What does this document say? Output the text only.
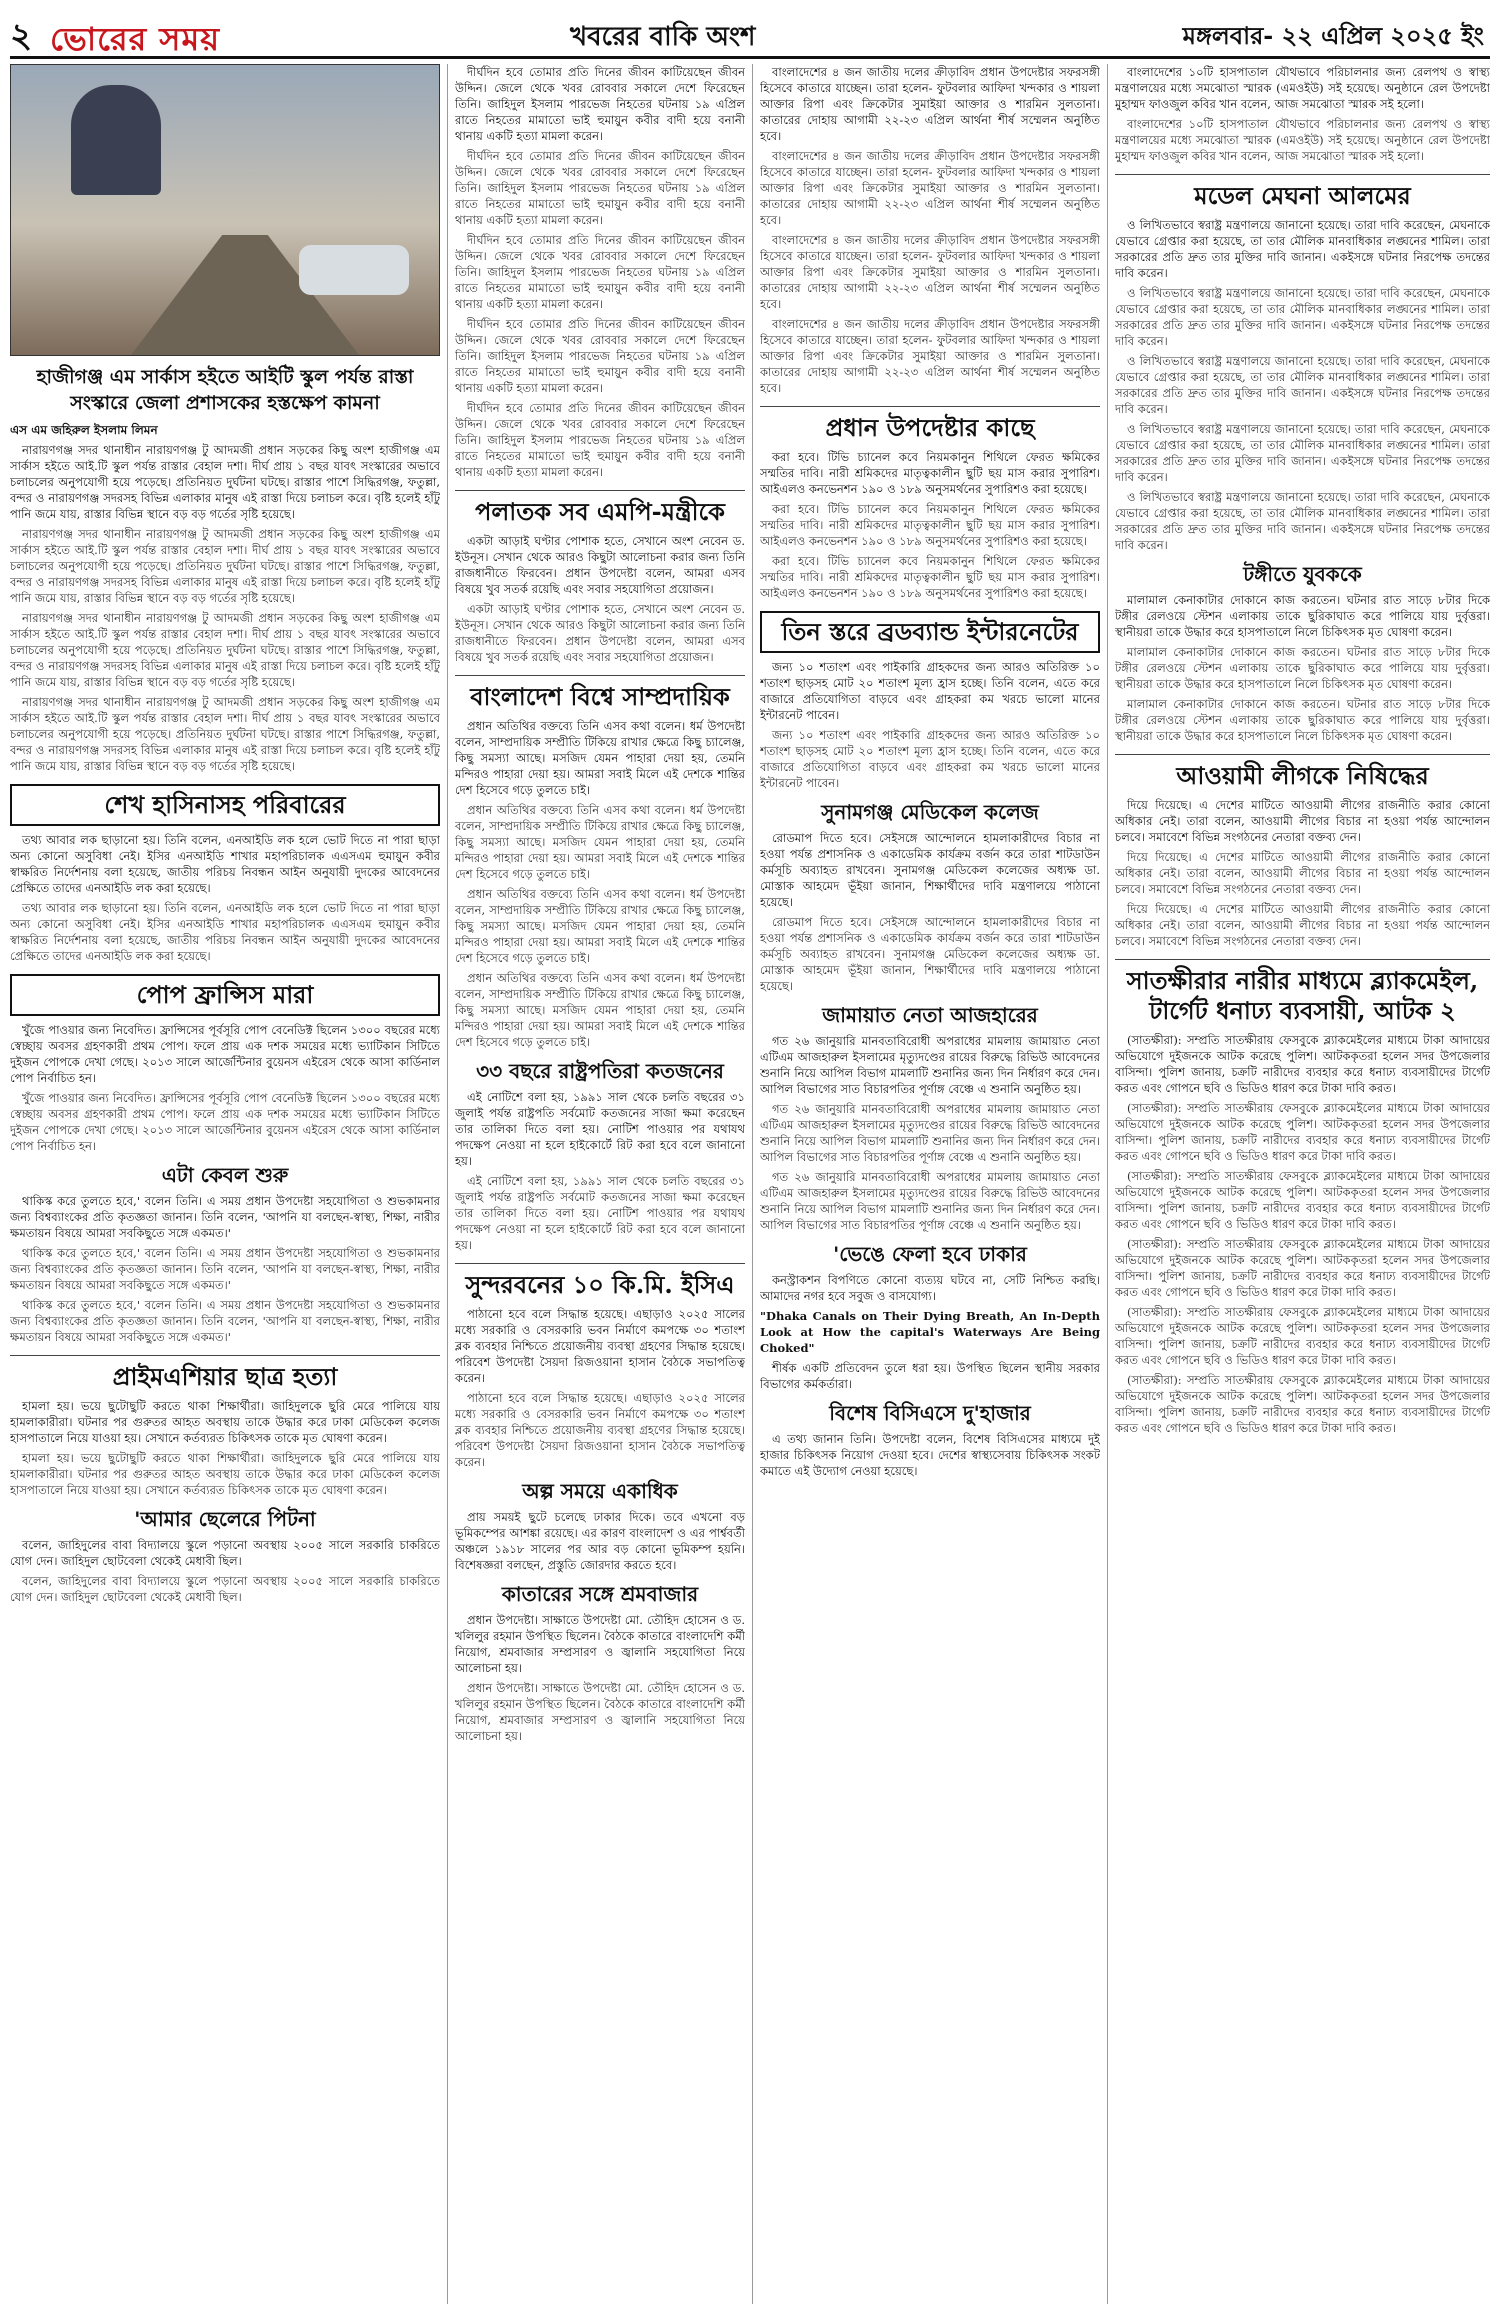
২ ভোরের সময়	খবরের বাকি অংশ	মঙ্গলবার- ২২ এপ্রিল ২০২৫ ইং
হাজীগঞ্জ এম সার্কাস হইতে আইটি স্কুল পর্যন্ত রাস্তা সংস্কারে জেলা প্রশাসকের হস্তক্ষেপ কামনা
এস এম জহিরুল ইসলাম লিমন

নারায়ণগঞ্জ সদর থানাধীন নারায়ণগঞ্জ টু আদমজী প্রধান সড়কের কিছু অংশ হাজীগঞ্জ এম সার্কাস হইতে আই.টি স্কুল পর্যন্ত রাস্তার বেহাল দশা। দীর্ঘ প্রায় ১ বছর যাবৎ সংস্কারের অভাবে চলাচলের অনুপযোগী হয়ে পড়েছে। প্রতিনিয়ত দুর্ঘটনা ঘটছে। রাস্তার পাশে সিদ্ধিরগঞ্জ, ফতুল্লা, বন্দর ও নারায়ণগঞ্জ সদরসহ বিভিন্ন এলাকার মানুষ এই রাস্তা দিয়ে চলাচল করে। বৃষ্টি হলেই হাঁটু পানি জমে যায়, রাস্তার বিভিন্ন স্থানে বড় বড় গর্তের সৃষ্টি হয়েছে।

নারায়ণগঞ্জ সদর থানাধীন নারায়ণগঞ্জ টু আদমজী প্রধান সড়কের কিছু অংশ হাজীগঞ্জ এম সার্কাস হইতে আই.টি স্কুল পর্যন্ত রাস্তার বেহাল দশা। দীর্ঘ প্রায় ১ বছর যাবৎ সংস্কারের অভাবে চলাচলের অনুপযোগী হয়ে পড়েছে। প্রতিনিয়ত দুর্ঘটনা ঘটছে। রাস্তার পাশে সিদ্ধিরগঞ্জ, ফতুল্লা, বন্দর ও নারায়ণগঞ্জ সদরসহ বিভিন্ন এলাকার মানুষ এই রাস্তা দিয়ে চলাচল করে। বৃষ্টি হলেই হাঁটু পানি জমে যায়, রাস্তার বিভিন্ন স্থানে বড় বড় গর্তের সৃষ্টি হয়েছে।

নারায়ণগঞ্জ সদর থানাধীন নারায়ণগঞ্জ টু আদমজী প্রধান সড়কের কিছু অংশ হাজীগঞ্জ এম সার্কাস হইতে আই.টি স্কুল পর্যন্ত রাস্তার বেহাল দশা। দীর্ঘ প্রায় ১ বছর যাবৎ সংস্কারের অভাবে চলাচলের অনুপযোগী হয়ে পড়েছে। প্রতিনিয়ত দুর্ঘটনা ঘটছে। রাস্তার পাশে সিদ্ধিরগঞ্জ, ফতুল্লা, বন্দর ও নারায়ণগঞ্জ সদরসহ বিভিন্ন এলাকার মানুষ এই রাস্তা দিয়ে চলাচল করে। বৃষ্টি হলেই হাঁটু পানি জমে যায়, রাস্তার বিভিন্ন স্থানে বড় বড় গর্তের সৃষ্টি হয়েছে।

নারায়ণগঞ্জ সদর থানাধীন নারায়ণগঞ্জ টু আদমজী প্রধান সড়কের কিছু অংশ হাজীগঞ্জ এম সার্কাস হইতে আই.টি স্কুল পর্যন্ত রাস্তার বেহাল দশা। দীর্ঘ প্রায় ১ বছর যাবৎ সংস্কারের অভাবে চলাচলের অনুপযোগী হয়ে পড়েছে। প্রতিনিয়ত দুর্ঘটনা ঘটছে। রাস্তার পাশে সিদ্ধিরগঞ্জ, ফতুল্লা, বন্দর ও নারায়ণগঞ্জ সদরসহ বিভিন্ন এলাকার মানুষ এই রাস্তা দিয়ে চলাচল করে। বৃষ্টি হলেই হাঁটু পানি জমে যায়, রাস্তার বিভিন্ন স্থানে বড় বড় গর্তের সৃষ্টি হয়েছে।

শেখ হাসিনাসহ পরিবারের

তথ্য আবার লক ছাড়ানো হয়। তিনি বলেন, এনআইডি লক হলে ভোট দিতে না পারা ছাড়া অন্য কোনো অসুবিধা নেই। ইসির এনআইডি শাখার মহাপরিচালক এএসএম হুমায়ুন কবীর স্বাক্ষরিত নির্দেশনায় বলা হয়েছে, জাতীয় পরিচয় নিবন্ধন আইন অনুযায়ী দুদকের আবেদনের প্রেক্ষিতে তাদের এনআইডি লক করা হয়েছে।

তথ্য আবার লক ছাড়ানো হয়। তিনি বলেন, এনআইডি লক হলে ভোট দিতে না পারা ছাড়া অন্য কোনো অসুবিধা নেই। ইসির এনআইডি শাখার মহাপরিচালক এএসএম হুমায়ুন কবীর স্বাক্ষরিত নির্দেশনায় বলা হয়েছে, জাতীয় পরিচয় নিবন্ধন আইন অনুযায়ী দুদকের আবেদনের প্রেক্ষিতে তাদের এনআইডি লক করা হয়েছে।

পোপ ফ্রান্সিস মারা

খুঁজে পাওয়ার জন্য নিবেদিত। ফ্রান্সিসের পূর্বসূরি পোপ বেনেডিক্ট ছিলেন ১৩০০ বছরের মধ্যে স্বেচ্ছায় অবসর গ্রহণকারী প্রথম পোপ। ফলে প্রায় এক দশক সময়ের মধ্যে ভ্যাটিকান সিটিতে দুইজন পোপকে দেখা গেছে। ২০১৩ সালে আর্জেন্টিনার বুয়েনস এইরেস থেকে আসা কার্ডিনাল পোপ নির্বাচিত হন।

খুঁজে পাওয়ার জন্য নিবেদিত। ফ্রান্সিসের পূর্বসূরি পোপ বেনেডিক্ট ছিলেন ১৩০০ বছরের মধ্যে স্বেচ্ছায় অবসর গ্রহণকারী প্রথম পোপ। ফলে প্রায় এক দশক সময়ের মধ্যে ভ্যাটিকান সিটিতে দুইজন পোপকে দেখা গেছে। ২০১৩ সালে আর্জেন্টিনার বুয়েনস এইরেস থেকে আসা কার্ডিনাল পোপ নির্বাচিত হন।

এটা কেবল শুরু

থাকিস্ক করে তুলতে হবে,' বলেন তিনি। এ সময় প্রধান উপদেষ্টা সহযোগিতা ও শুভকামনার জন্য বিশ্বব্যাংকের প্রতি কৃতজ্ঞতা জানান। তিনি বলেন, 'আপনি যা বলছেন-স্বাস্থ্য, শিক্ষা, নারীর ক্ষমতায়ন বিষয়ে আমরা সবকিছুতে সঙ্গে একমত।'

থাকিস্ক করে তুলতে হবে,' বলেন তিনি। এ সময় প্রধান উপদেষ্টা সহযোগিতা ও শুভকামনার জন্য বিশ্বব্যাংকের প্রতি কৃতজ্ঞতা জানান। তিনি বলেন, 'আপনি যা বলছেন-স্বাস্থ্য, শিক্ষা, নারীর ক্ষমতায়ন বিষয়ে আমরা সবকিছুতে সঙ্গে একমত।'

থাকিস্ক করে তুলতে হবে,' বলেন তিনি। এ সময় প্রধান উপদেষ্টা সহযোগিতা ও শুভকামনার জন্য বিশ্বব্যাংকের প্রতি কৃতজ্ঞতা জানান। তিনি বলেন, 'আপনি যা বলছেন-স্বাস্থ্য, শিক্ষা, নারীর ক্ষমতায়ন বিষয়ে আমরা সবকিছুতে সঙ্গে একমত।'

প্রাইমএশিয়ার ছাত্র হত্যা

হামলা হয়। ভয়ে ছুটোছুটি করতে থাকা শিক্ষার্থীরা। জাহিদুলকে ছুরি মেরে পালিয়ে যায় হামলাকারীরা। ঘটনার পর গুরুতর আহত অবস্থায় তাকে উদ্ধার করে ঢাকা মেডিকেল কলেজ হাসপাতালে নিয়ে যাওয়া হয়। সেখানে কর্তব্যরত চিকিৎসক তাকে মৃত ঘোষণা করেন।

হামলা হয়। ভয়ে ছুটোছুটি করতে থাকা শিক্ষার্থীরা। জাহিদুলকে ছুরি মেরে পালিয়ে যায় হামলাকারীরা। ঘটনার পর গুরুতর আহত অবস্থায় তাকে উদ্ধার করে ঢাকা মেডিকেল কলেজ হাসপাতালে নিয়ে যাওয়া হয়। সেখানে কর্তব্যরত চিকিৎসক তাকে মৃত ঘোষণা করেন।

'আমার ছেলেরে পিটনা

বলেন, জাহিদুলের বাবা বিদ্যালয়ে স্কুলে পড়ানো অবস্থায় ২০০৫ সালে সরকারি চাকরিতে যোগ দেন। জাহিদুল ছোটবেলা থেকেই মেধাবী ছিল।

বলেন, জাহিদুলের বাবা বিদ্যালয়ে স্কুলে পড়ানো অবস্থায় ২০০৫ সালে সরকারি চাকরিতে যোগ দেন। জাহিদুল ছোটবেলা থেকেই মেধাবী ছিল।

দীর্ঘদিন হবে তোমার প্রতি দিনের জীবন কাটিয়েছেন জীবন উদ্দিন। জেলে থেকে খবর রোববার সকালে দেশে ফিরেছেন তিনি। জাহিদুল ইসলাম পারভেজ নিহতের ঘটনায় ১৯ এপ্রিল রাতে নিহতের মামাতো ভাই হুমায়ুন কবীর বাদী হয়ে বনানী থানায় একটি হত্যা মামলা করেন।

দীর্ঘদিন হবে তোমার প্রতি দিনের জীবন কাটিয়েছেন জীবন উদ্দিন। জেলে থেকে খবর রোববার সকালে দেশে ফিরেছেন তিনি। জাহিদুল ইসলাম পারভেজ নিহতের ঘটনায় ১৯ এপ্রিল রাতে নিহতের মামাতো ভাই হুমায়ুন কবীর বাদী হয়ে বনানী থানায় একটি হত্যা মামলা করেন।

দীর্ঘদিন হবে তোমার প্রতি দিনের জীবন কাটিয়েছেন জীবন উদ্দিন। জেলে থেকে খবর রোববার সকালে দেশে ফিরেছেন তিনি। জাহিদুল ইসলাম পারভেজ নিহতের ঘটনায় ১৯ এপ্রিল রাতে নিহতের মামাতো ভাই হুমায়ুন কবীর বাদী হয়ে বনানী থানায় একটি হত্যা মামলা করেন।

দীর্ঘদিন হবে তোমার প্রতি দিনের জীবন কাটিয়েছেন জীবন উদ্দিন। জেলে থেকে খবর রোববার সকালে দেশে ফিরেছেন তিনি। জাহিদুল ইসলাম পারভেজ নিহতের ঘটনায় ১৯ এপ্রিল রাতে নিহতের মামাতো ভাই হুমায়ুন কবীর বাদী হয়ে বনানী থানায় একটি হত্যা মামলা করেন।

দীর্ঘদিন হবে তোমার প্রতি দিনের জীবন কাটিয়েছেন জীবন উদ্দিন। জেলে থেকে খবর রোববার সকালে দেশে ফিরেছেন তিনি। জাহিদুল ইসলাম পারভেজ নিহতের ঘটনায় ১৯ এপ্রিল রাতে নিহতের মামাতো ভাই হুমায়ুন কবীর বাদী হয়ে বনানী থানায় একটি হত্যা মামলা করেন।

পলাতক সব এমপি-মন্ত্রীকে

একটা আড়াই ঘণ্টার পোশাক হতে, সেখানে অংশ নেবেন ড. ইউনূস। সেখান থেকে আরও কিছুটা আলোচনা করার জন্য তিনি রাজধানীতে ফিরবেন। প্রধান উপদেষ্টা বলেন, আমরা এসব বিষয়ে খুব সতর্ক রয়েছি এবং সবার সহযোগিতা প্রয়োজন।

একটা আড়াই ঘণ্টার পোশাক হতে, সেখানে অংশ নেবেন ড. ইউনূস। সেখান থেকে আরও কিছুটা আলোচনা করার জন্য তিনি রাজধানীতে ফিরবেন। প্রধান উপদেষ্টা বলেন, আমরা এসব বিষয়ে খুব সতর্ক রয়েছি এবং সবার সহযোগিতা প্রয়োজন।

বাংলাদেশ বিশ্বে সাম্প্রদায়িক

প্রধান অতিথির বক্তব্যে তিনি এসব কথা বলেন। ধর্ম উপদেষ্টা বলেন, সাম্প্রদায়িক সম্প্রীতি টিকিয়ে রাখার ক্ষেত্রে কিছু চ্যালেঞ্জ, কিছু সমস্যা আছে। মসজিদ যেমন পাহারা দেয়া হয়, তেমনি মন্দিরও পাহারা দেয়া হয়। আমরা সবাই মিলে এই দেশকে শান্তির দেশ হিসেবে গড়ে তুলতে চাই।

প্রধান অতিথির বক্তব্যে তিনি এসব কথা বলেন। ধর্ম উপদেষ্টা বলেন, সাম্প্রদায়িক সম্প্রীতি টিকিয়ে রাখার ক্ষেত্রে কিছু চ্যালেঞ্জ, কিছু সমস্যা আছে। মসজিদ যেমন পাহারা দেয়া হয়, তেমনি মন্দিরও পাহারা দেয়া হয়। আমরা সবাই মিলে এই দেশকে শান্তির দেশ হিসেবে গড়ে তুলতে চাই।

প্রধান অতিথির বক্তব্যে তিনি এসব কথা বলেন। ধর্ম উপদেষ্টা বলেন, সাম্প্রদায়িক সম্প্রীতি টিকিয়ে রাখার ক্ষেত্রে কিছু চ্যালেঞ্জ, কিছু সমস্যা আছে। মসজিদ যেমন পাহারা দেয়া হয়, তেমনি মন্দিরও পাহারা দেয়া হয়। আমরা সবাই মিলে এই দেশকে শান্তির দেশ হিসেবে গড়ে তুলতে চাই।

প্রধান অতিথির বক্তব্যে তিনি এসব কথা বলেন। ধর্ম উপদেষ্টা বলেন, সাম্প্রদায়িক সম্প্রীতি টিকিয়ে রাখার ক্ষেত্রে কিছু চ্যালেঞ্জ, কিছু সমস্যা আছে। মসজিদ যেমন পাহারা দেয়া হয়, তেমনি মন্দিরও পাহারা দেয়া হয়। আমরা সবাই মিলে এই দেশকে শান্তির দেশ হিসেবে গড়ে তুলতে চাই।

৩৩ বছরে রাষ্ট্রপতিরা কতজনের

এই নোটিশে বলা হয়, ১৯৯১ সাল থেকে চলতি বছরের ৩১ জুলাই পর্যন্ত রাষ্ট্রপতি সর্বমোট কতজনের সাজা ক্ষমা করেছেন তার তালিকা দিতে বলা হয়। নোটিশ পাওয়ার পর যথাযথ পদক্ষেপ নেওয়া না হলে হাইকোর্টে রিট করা হবে বলে জানানো হয়।

এই নোটিশে বলা হয়, ১৯৯১ সাল থেকে চলতি বছরের ৩১ জুলাই পর্যন্ত রাষ্ট্রপতি সর্বমোট কতজনের সাজা ক্ষমা করেছেন তার তালিকা দিতে বলা হয়। নোটিশ পাওয়ার পর যথাযথ পদক্ষেপ নেওয়া না হলে হাইকোর্টে রিট করা হবে বলে জানানো হয়।

সুন্দরবনের ১০ কি.মি. ইসিএ

পাঠানো হবে বলে সিদ্ধান্ত হয়েছে। এছাড়াও ২০২৫ সালের মধ্যে সরকারি ও বেসরকারি ভবন নির্মাণে কমপক্ষে ৩০ শতাংশ ব্লক ব্যবহার নিশ্চিতে প্রয়োজনীয় ব্যবস্থা গ্রহণের সিদ্ধান্ত হয়েছে। পরিবেশ উপদেষ্টা সৈয়দা রিজওয়ানা হাসান বৈঠকে সভাপতিত্ব করেন।

পাঠানো হবে বলে সিদ্ধান্ত হয়েছে। এছাড়াও ২০২৫ সালের মধ্যে সরকারি ও বেসরকারি ভবন নির্মাণে কমপক্ষে ৩০ শতাংশ ব্লক ব্যবহার নিশ্চিতে প্রয়োজনীয় ব্যবস্থা গ্রহণের সিদ্ধান্ত হয়েছে। পরিবেশ উপদেষ্টা সৈয়দা রিজওয়ানা হাসান বৈঠকে সভাপতিত্ব করেন।

অল্প সময়ে একাধিক

প্রায় সময়ই ছুটে চলেছে ঢাকার দিকে। তবে এখনো বড় ভূমিকম্পের আশঙ্কা রয়েছে। এর কারণ বাংলাদেশ ও এর পার্শ্ববর্তী অঞ্চলে ১৯১৮ সালের পর আর বড় কোনো ভূমিকম্প হয়নি। বিশেষজ্ঞরা বলছেন, প্রস্তুতি জোরদার করতে হবে।

কাতারের সঙ্গে শ্রমবাজার

প্রধান উপদেষ্টা। সাক্ষাতে উপদেষ্টা মো. তৌহিদ হোসেন ও ড. খলিলুর রহমান উপস্থিত ছিলেন। বৈঠকে কাতারে বাংলাদেশি কর্মী নিয়োগ, শ্রমবাজার সম্প্রসারণ ও জ্বালানি সহযোগিতা নিয়ে আলোচনা হয়।

প্রধান উপদেষ্টা। সাক্ষাতে উপদেষ্টা মো. তৌহিদ হোসেন ও ড. খলিলুর রহমান উপস্থিত ছিলেন। বৈঠকে কাতারে বাংলাদেশি কর্মী নিয়োগ, শ্রমবাজার সম্প্রসারণ ও জ্বালানি সহযোগিতা নিয়ে আলোচনা হয়।

বাংলাদেশের ৪ জন জাতীয় দলের ক্রীড়াবিদ প্রধান উপদেষ্টার সফরসঙ্গী হিসেবে কাতারে যাচ্ছেন। তারা হলেন- ফুটবলার আফিদা খন্দকার ও শায়লা আক্তার রিপা এবং ক্রিকেটার সুমাইয়া আক্তার ও শারমিন সুলতানা। কাতারের দোহায় আগামী ২২-২৩ এপ্রিল আর্থনা শীর্ষ সম্মেলন অনুষ্ঠিত হবে।

বাংলাদেশের ৪ জন জাতীয় দলের ক্রীড়াবিদ প্রধান উপদেষ্টার সফরসঙ্গী হিসেবে কাতারে যাচ্ছেন। তারা হলেন- ফুটবলার আফিদা খন্দকার ও শায়লা আক্তার রিপা এবং ক্রিকেটার সুমাইয়া আক্তার ও শারমিন সুলতানা। কাতারের দোহায় আগামী ২২-২৩ এপ্রিল আর্থনা শীর্ষ সম্মেলন অনুষ্ঠিত হবে।

বাংলাদেশের ৪ জন জাতীয় দলের ক্রীড়াবিদ প্রধান উপদেষ্টার সফরসঙ্গী হিসেবে কাতারে যাচ্ছেন। তারা হলেন- ফুটবলার আফিদা খন্দকার ও শায়লা আক্তার রিপা এবং ক্রিকেটার সুমাইয়া আক্তার ও শারমিন সুলতানা। কাতারের দোহায় আগামী ২২-২৩ এপ্রিল আর্থনা শীর্ষ সম্মেলন অনুষ্ঠিত হবে।

বাংলাদেশের ৪ জন জাতীয় দলের ক্রীড়াবিদ প্রধান উপদেষ্টার সফরসঙ্গী হিসেবে কাতারে যাচ্ছেন। তারা হলেন- ফুটবলার আফিদা খন্দকার ও শায়লা আক্তার রিপা এবং ক্রিকেটার সুমাইয়া আক্তার ও শারমিন সুলতানা। কাতারের দোহায় আগামী ২২-২৩ এপ্রিল আর্থনা শীর্ষ সম্মেলন অনুষ্ঠিত হবে।

প্রধান উপদেষ্টার কাছে

করা হবে। টিভি চ্যানেল কবে নিয়মকানুন শিথিলে ফেরত ক্ষমিকের সম্মতির দাবি। নারী শ্রমিকদের মাতৃত্বকালীন ছুটি ছয় মাস করার সুপারিশ। আইএলও কনভেনশন ১৯০ ও ১৮৯ অনুসমর্থনের সুপারিশও করা হয়েছে।

করা হবে। টিভি চ্যানেল কবে নিয়মকানুন শিথিলে ফেরত ক্ষমিকের সম্মতির দাবি। নারী শ্রমিকদের মাতৃত্বকালীন ছুটি ছয় মাস করার সুপারিশ। আইএলও কনভেনশন ১৯০ ও ১৮৯ অনুসমর্থনের সুপারিশও করা হয়েছে।

করা হবে। টিভি চ্যানেল কবে নিয়মকানুন শিথিলে ফেরত ক্ষমিকের সম্মতির দাবি। নারী শ্রমিকদের মাতৃত্বকালীন ছুটি ছয় মাস করার সুপারিশ। আইএলও কনভেনশন ১৯০ ও ১৮৯ অনুসমর্থনের সুপারিশও করা হয়েছে।

তিন স্তরে ব্রডব্যান্ড ইন্টারনেটের

জন্য ১০ শতাংশ এবং পাইকারি গ্রাহকদের জন্য আরও অতিরিক্ত ১০ শতাংশ ছাড়সহ মোট ২০ শতাংশ মূল্য হ্রাস হচ্ছে। তিনি বলেন, এতে করে বাজারে প্রতিযোগিতা বাড়বে এবং গ্রাহকরা কম খরচে ভালো মানের ইন্টারনেট পাবেন।

জন্য ১০ শতাংশ এবং পাইকারি গ্রাহকদের জন্য আরও অতিরিক্ত ১০ শতাংশ ছাড়সহ মোট ২০ শতাংশ মূল্য হ্রাস হচ্ছে। তিনি বলেন, এতে করে বাজারে প্রতিযোগিতা বাড়বে এবং গ্রাহকরা কম খরচে ভালো মানের ইন্টারনেট পাবেন।

সুনামগঞ্জ মেডিকেল কলেজ

রোডমাপ দিতে হবে। সেইসঙ্গে আন্দোলনে হামলাকারীদের বিচার না হওয়া পর্যন্ত প্রশাসনিক ও একাডেমিক কার্যক্রম বর্জন করে তারা শাটডাউন কর্মসূচি অব্যাহত রাখবেন। সুনামগঞ্জ মেডিকেল কলেজের অধ্যক্ষ ডা. মোস্তাক আহমেদ ভূঁইয়া জানান, শিক্ষার্থীদের দাবি মন্ত্রণালয়ে পাঠানো হয়েছে।

রোডমাপ দিতে হবে। সেইসঙ্গে আন্দোলনে হামলাকারীদের বিচার না হওয়া পর্যন্ত প্রশাসনিক ও একাডেমিক কার্যক্রম বর্জন করে তারা শাটডাউন কর্মসূচি অব্যাহত রাখবেন। সুনামগঞ্জ মেডিকেল কলেজের অধ্যক্ষ ডা. মোস্তাক আহমেদ ভূঁইয়া জানান, শিক্ষার্থীদের দাবি মন্ত্রণালয়ে পাঠানো হয়েছে।

জামায়াত নেতা আজহারের

গত ২৬ জানুয়ারি মানবতাবিরোধী অপরাধের মামলায় জামায়াত নেতা এটিএম আজহারুল ইসলামের মৃত্যুদণ্ডের রায়ের বিরুদ্ধে রিভিউ আবেদনের শুনানি নিয়ে আপিল বিভাগ মামলাটি শুনানির জন্য দিন নির্ধারণ করে দেন। আপিল বিভাগের সাত বিচারপতির পূর্ণাঙ্গ বেঞ্চে এ শুনানি অনুষ্ঠিত হয়।

গত ২৬ জানুয়ারি মানবতাবিরোধী অপরাধের মামলায় জামায়াত নেতা এটিএম আজহারুল ইসলামের মৃত্যুদণ্ডের রায়ের বিরুদ্ধে রিভিউ আবেদনের শুনানি নিয়ে আপিল বিভাগ মামলাটি শুনানির জন্য দিন নির্ধারণ করে দেন। আপিল বিভাগের সাত বিচারপতির পূর্ণাঙ্গ বেঞ্চে এ শুনানি অনুষ্ঠিত হয়।

গত ২৬ জানুয়ারি মানবতাবিরোধী অপরাধের মামলায় জামায়াত নেতা এটিএম আজহারুল ইসলামের মৃত্যুদণ্ডের রায়ের বিরুদ্ধে রিভিউ আবেদনের শুনানি নিয়ে আপিল বিভাগ মামলাটি শুনানির জন্য দিন নির্ধারণ করে দেন। আপিল বিভাগের সাত বিচারপতির পূর্ণাঙ্গ বেঞ্চে এ শুনানি অনুষ্ঠিত হয়।

'ভেঙে ফেলা হবে ঢাকার

কনস্ট্রাকশন বিপণিতে কোনো ব্যত্যয় ঘটবে না, সেটি নিশ্চিত করছি। আমাদের নগর হবে সবুজ ও বাসযোগ্য।

"Dhaka Canals on Their Dying Breath, An In-Depth Look at How the capital's Waterways Are Being Choked"

শীর্ষক একটি প্রতিবেদন তুলে ধরা হয়। উপস্থিত ছিলেন স্থানীয় সরকার বিভাগের কর্মকর্তারা।

বিশেষ বিসিএসে দু'হাজার

এ তথ্য জানান তিনি। উপদেষ্টা বলেন, বিশেষ বিসিএসের মাধ্যমে দুই হাজার চিকিৎসক নিয়োগ দেওয়া হবে। দেশের স্বাস্থ্যসেবায় চিকিৎসক সংকট কমাতে এই উদ্যোগ নেওয়া হয়েছে।

বাংলাদেশের ১০টি হাসপাতাল যৌথভাবে পরিচালনার জন্য রেলপথ ও স্বাস্থ্য মন্ত্রণালয়ের মধ্যে সমঝোতা স্মারক (এমওইউ) সই হয়েছে। অনুষ্ঠানে রেল উপদেষ্টা মুহাম্মদ ফাওজুল কবির খান বলেন, আজ সমঝোতা স্মারক সই হলো।

বাংলাদেশের ১০টি হাসপাতাল যৌথভাবে পরিচালনার জন্য রেলপথ ও স্বাস্থ্য মন্ত্রণালয়ের মধ্যে সমঝোতা স্মারক (এমওইউ) সই হয়েছে। অনুষ্ঠানে রেল উপদেষ্টা মুহাম্মদ ফাওজুল কবির খান বলেন, আজ সমঝোতা স্মারক সই হলো।

মডেল মেঘনা আলমের

ও লিখিতভাবে স্বরাষ্ট্র মন্ত্রণালয়ে জানানো হয়েছে। তারা দাবি করেছেন, মেঘনাকে যেভাবে গ্রেপ্তার করা হয়েছে, তা তার মৌলিক মানবাধিকার লঙ্ঘনের শামিল। তারা সরকারের প্রতি দ্রুত তার মুক্তির দাবি জানান। একইসঙ্গে ঘটনার নিরপেক্ষ তদন্তের দাবি করেন।

ও লিখিতভাবে স্বরাষ্ট্র মন্ত্রণালয়ে জানানো হয়েছে। তারা দাবি করেছেন, মেঘনাকে যেভাবে গ্রেপ্তার করা হয়েছে, তা তার মৌলিক মানবাধিকার লঙ্ঘনের শামিল। তারা সরকারের প্রতি দ্রুত তার মুক্তির দাবি জানান। একইসঙ্গে ঘটনার নিরপেক্ষ তদন্তের দাবি করেন।

ও লিখিতভাবে স্বরাষ্ট্র মন্ত্রণালয়ে জানানো হয়েছে। তারা দাবি করেছেন, মেঘনাকে যেভাবে গ্রেপ্তার করা হয়েছে, তা তার মৌলিক মানবাধিকার লঙ্ঘনের শামিল। তারা সরকারের প্রতি দ্রুত তার মুক্তির দাবি জানান। একইসঙ্গে ঘটনার নিরপেক্ষ তদন্তের দাবি করেন।

ও লিখিতভাবে স্বরাষ্ট্র মন্ত্রণালয়ে জানানো হয়েছে। তারা দাবি করেছেন, মেঘনাকে যেভাবে গ্রেপ্তার করা হয়েছে, তা তার মৌলিক মানবাধিকার লঙ্ঘনের শামিল। তারা সরকারের প্রতি দ্রুত তার মুক্তির দাবি জানান। একইসঙ্গে ঘটনার নিরপেক্ষ তদন্তের দাবি করেন।

ও লিখিতভাবে স্বরাষ্ট্র মন্ত্রণালয়ে জানানো হয়েছে। তারা দাবি করেছেন, মেঘনাকে যেভাবে গ্রেপ্তার করা হয়েছে, তা তার মৌলিক মানবাধিকার লঙ্ঘনের শামিল। তারা সরকারের প্রতি দ্রুত তার মুক্তির দাবি জানান। একইসঙ্গে ঘটনার নিরপেক্ষ তদন্তের দাবি করেন।

টঙ্গীতে যুবককে

মালামাল কেনাকাটার দোকানে কাজ করতেন। ঘটনার রাত সাড়ে ৮টার দিকে টঙ্গীর রেলওয়ে স্টেশন এলাকায় তাকে ছুরিকাঘাত করে পালিয়ে যায় দুর্বৃত্তরা। স্থানীয়রা তাকে উদ্ধার করে হাসপাতালে নিলে চিকিৎসক মৃত ঘোষণা করেন।

মালামাল কেনাকাটার দোকানে কাজ করতেন। ঘটনার রাত সাড়ে ৮টার দিকে টঙ্গীর রেলওয়ে স্টেশন এলাকায় তাকে ছুরিকাঘাত করে পালিয়ে যায় দুর্বৃত্তরা। স্থানীয়রা তাকে উদ্ধার করে হাসপাতালে নিলে চিকিৎসক মৃত ঘোষণা করেন।

মালামাল কেনাকাটার দোকানে কাজ করতেন। ঘটনার রাত সাড়ে ৮টার দিকে টঙ্গীর রেলওয়ে স্টেশন এলাকায় তাকে ছুরিকাঘাত করে পালিয়ে যায় দুর্বৃত্তরা। স্থানীয়রা তাকে উদ্ধার করে হাসপাতালে নিলে চিকিৎসক মৃত ঘোষণা করেন।

আওয়ামী লীগকে নিষিদ্ধের

দিয়ে দিয়েছে। এ দেশের মাটিতে আওয়ামী লীগের রাজনীতি করার কোনো অধিকার নেই। তারা বলেন, আওয়ামী লীগের বিচার না হওয়া পর্যন্ত আন্দোলন চলবে। সমাবেশে বিভিন্ন সংগঠনের নেতারা বক্তব্য দেন।

দিয়ে দিয়েছে। এ দেশের মাটিতে আওয়ামী লীগের রাজনীতি করার কোনো অধিকার নেই। তারা বলেন, আওয়ামী লীগের বিচার না হওয়া পর্যন্ত আন্দোলন চলবে। সমাবেশে বিভিন্ন সংগঠনের নেতারা বক্তব্য দেন।

দিয়ে দিয়েছে। এ দেশের মাটিতে আওয়ামী লীগের রাজনীতি করার কোনো অধিকার নেই। তারা বলেন, আওয়ামী লীগের বিচার না হওয়া পর্যন্ত আন্দোলন চলবে। সমাবেশে বিভিন্ন সংগঠনের নেতারা বক্তব্য দেন।

সাতক্ষীরার নারীর মাধ্যমে ব্ল্যাকমেইল, টার্গেট ধনাঢ্য ব্যবসায়ী, আটক ২

(সাতক্ষীরা): সম্প্রতি সাতক্ষীরায় ফেসবুকে ব্ল্যাকমেইলের মাধ্যমে টাকা আদায়ের অভিযোগে দুইজনকে আটক করেছে পুলিশ। আটককৃতরা হলেন সদর উপজেলার বাসিন্দা। পুলিশ জানায়, চক্রটি নারীদের ব্যবহার করে ধনাঢ্য ব্যবসায়ীদের টার্গেট করত এবং গোপনে ছবি ও ভিডিও ধারণ করে টাকা দাবি করত।

(সাতক্ষীরা): সম্প্রতি সাতক্ষীরায় ফেসবুকে ব্ল্যাকমেইলের মাধ্যমে টাকা আদায়ের অভিযোগে দুইজনকে আটক করেছে পুলিশ। আটককৃতরা হলেন সদর উপজেলার বাসিন্দা। পুলিশ জানায়, চক্রটি নারীদের ব্যবহার করে ধনাঢ্য ব্যবসায়ীদের টার্গেট করত এবং গোপনে ছবি ও ভিডিও ধারণ করে টাকা দাবি করত।

(সাতক্ষীরা): সম্প্রতি সাতক্ষীরায় ফেসবুকে ব্ল্যাকমেইলের মাধ্যমে টাকা আদায়ের অভিযোগে দুইজনকে আটক করেছে পুলিশ। আটককৃতরা হলেন সদর উপজেলার বাসিন্দা। পুলিশ জানায়, চক্রটি নারীদের ব্যবহার করে ধনাঢ্য ব্যবসায়ীদের টার্গেট করত এবং গোপনে ছবি ও ভিডিও ধারণ করে টাকা দাবি করত।

(সাতক্ষীরা): সম্প্রতি সাতক্ষীরায় ফেসবুকে ব্ল্যাকমেইলের মাধ্যমে টাকা আদায়ের অভিযোগে দুইজনকে আটক করেছে পুলিশ। আটককৃতরা হলেন সদর উপজেলার বাসিন্দা। পুলিশ জানায়, চক্রটি নারীদের ব্যবহার করে ধনাঢ্য ব্যবসায়ীদের টার্গেট করত এবং গোপনে ছবি ও ভিডিও ধারণ করে টাকা দাবি করত।

(সাতক্ষীরা): সম্প্রতি সাতক্ষীরায় ফেসবুকে ব্ল্যাকমেইলের মাধ্যমে টাকা আদায়ের অভিযোগে দুইজনকে আটক করেছে পুলিশ। আটককৃতরা হলেন সদর উপজেলার বাসিন্দা। পুলিশ জানায়, চক্রটি নারীদের ব্যবহার করে ধনাঢ্য ব্যবসায়ীদের টার্গেট করত এবং গোপনে ছবি ও ভিডিও ধারণ করে টাকা দাবি করত।

(সাতক্ষীরা): সম্প্রতি সাতক্ষীরায় ফেসবুকে ব্ল্যাকমেইলের মাধ্যমে টাকা আদায়ের অভিযোগে দুইজনকে আটক করেছে পুলিশ। আটককৃতরা হলেন সদর উপজেলার বাসিন্দা। পুলিশ জানায়, চক্রটি নারীদের ব্যবহার করে ধনাঢ্য ব্যবসায়ীদের টার্গেট করত এবং গোপনে ছবি ও ভিডিও ধারণ করে টাকা দাবি করত।
